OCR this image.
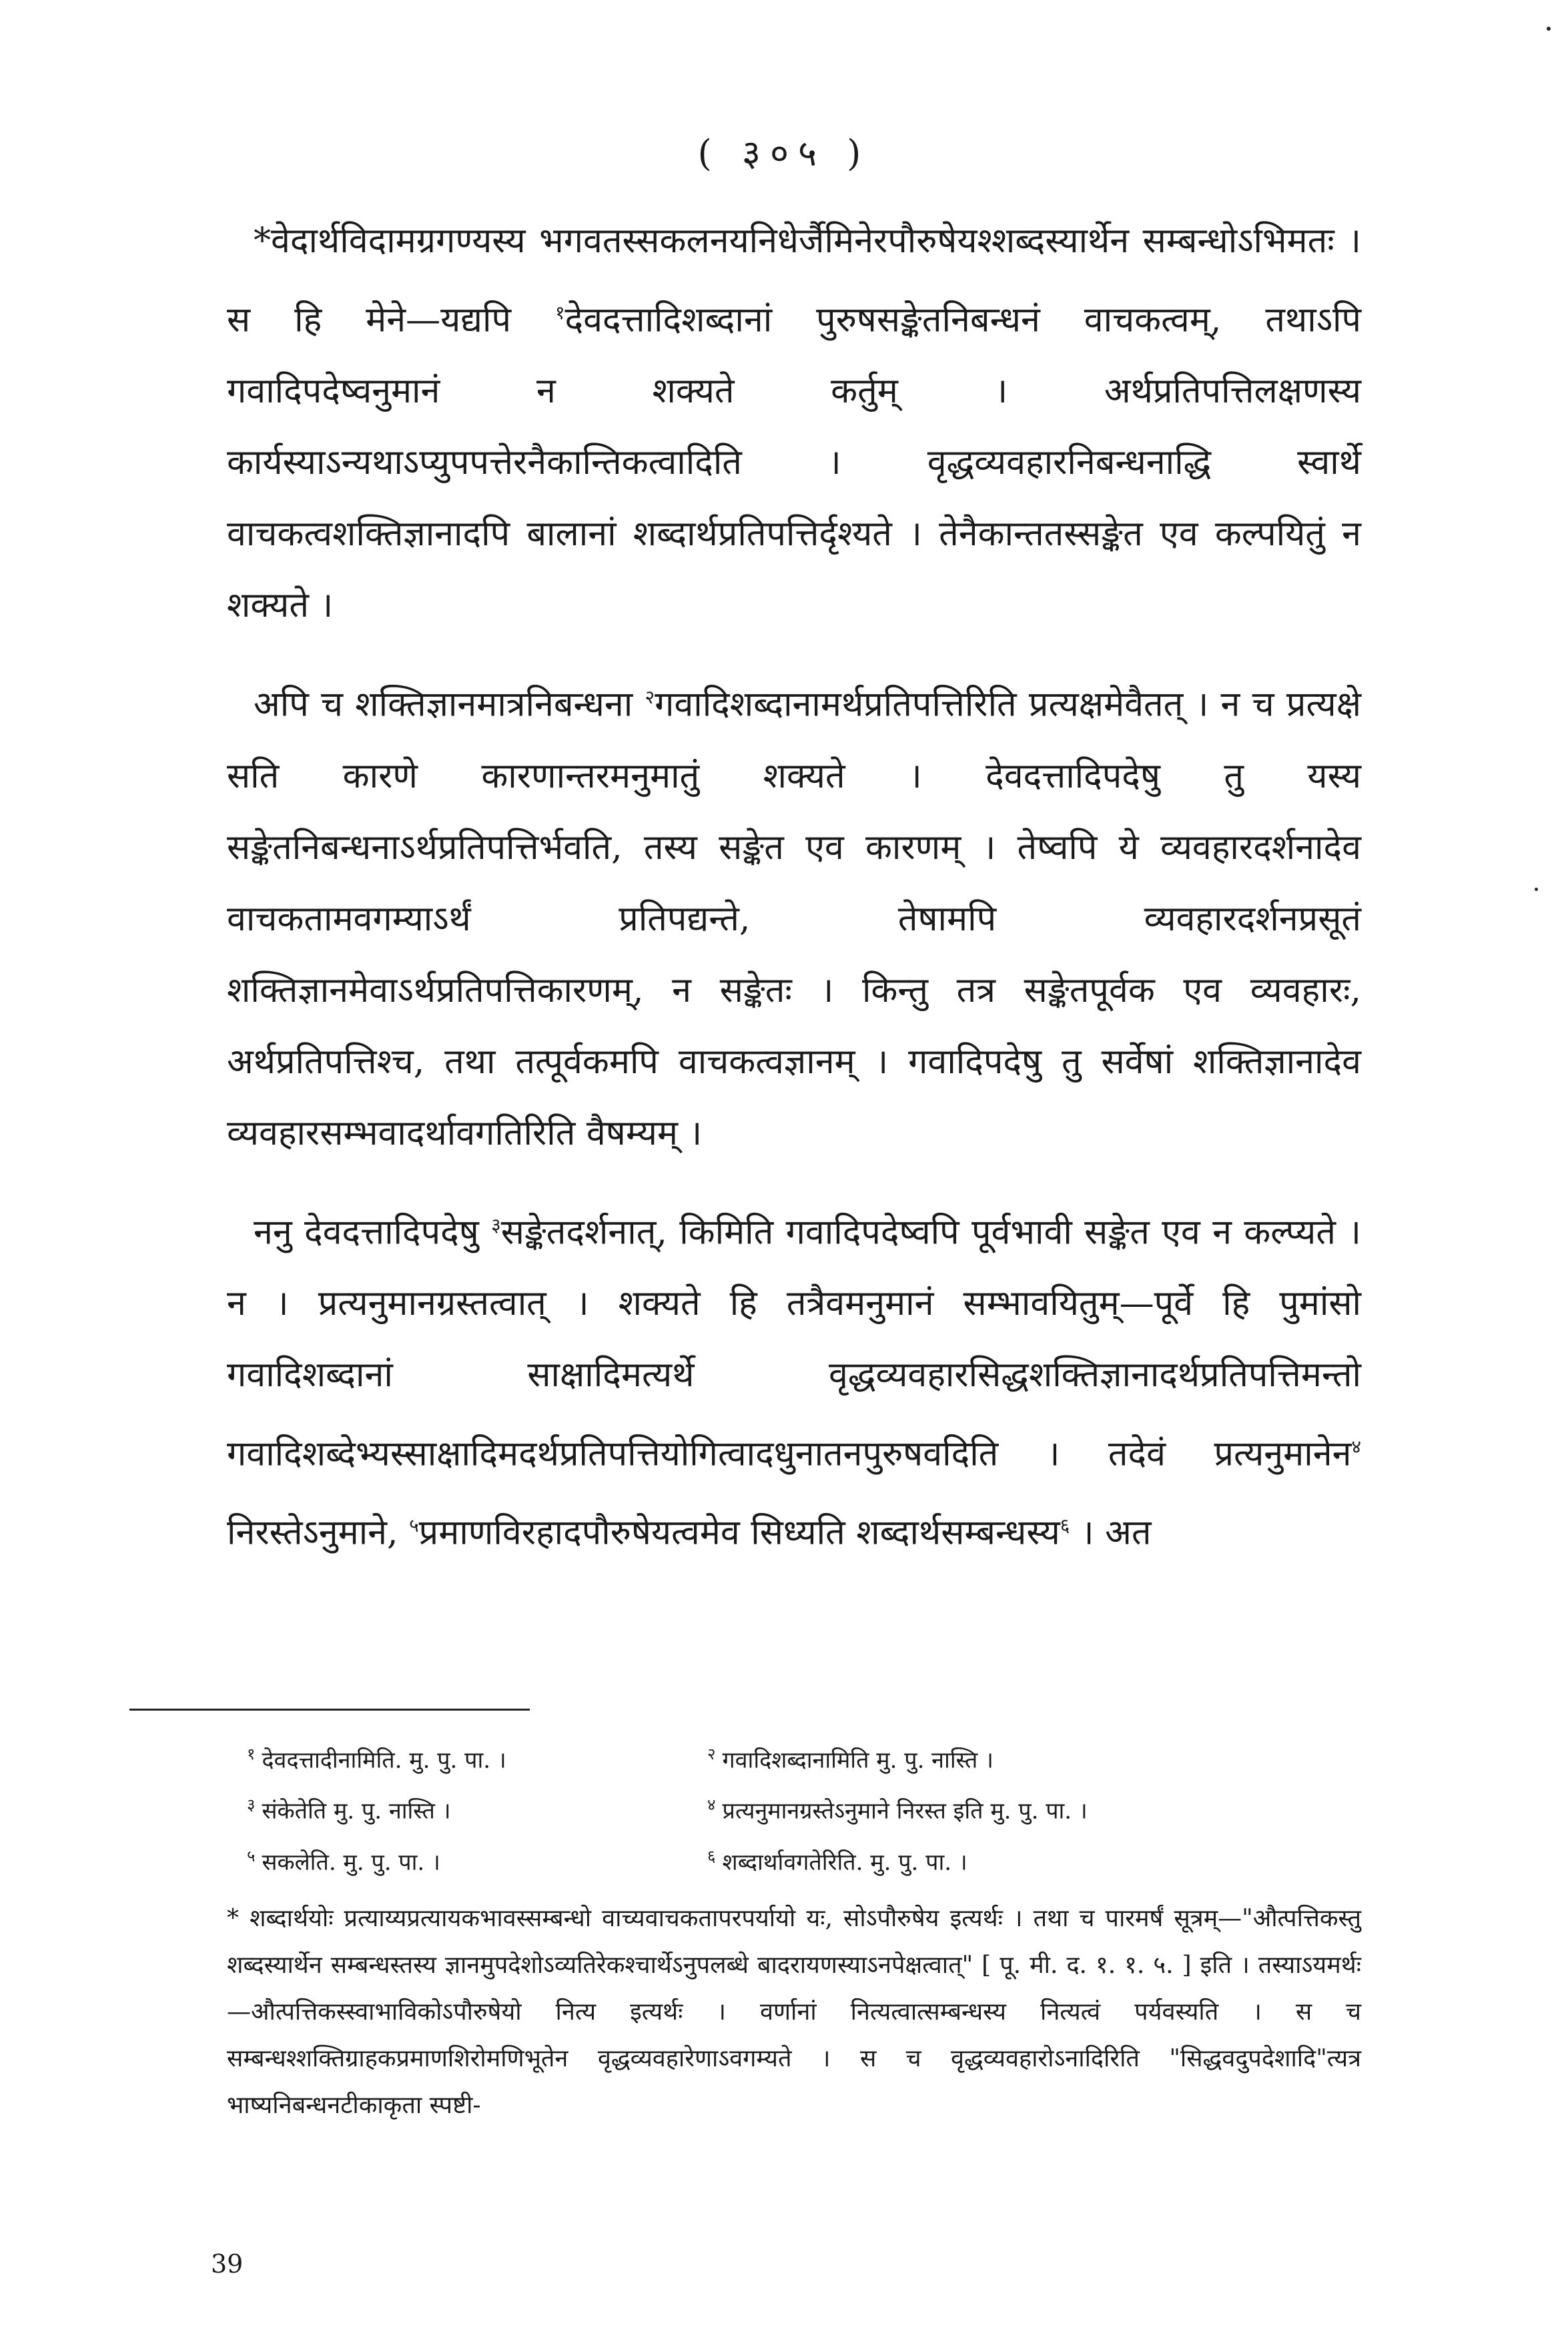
( ३०५ )

*वेदार्थविदामग्रगण्यस्य भगवतस्सकलनयनिधेर्जैमिनेरपौरुषेयश्शब्दस्यार्थेन सम्बन्धोऽभिमतः । स हि मेने—यद्यपि $^१$देवदत्तादिशब्दानां पुरुषसङ्केतनिबन्धनं वाचकत्वम्, तथाऽपि गवादिपदेष्वनुमानं न शक्यते कर्तुम् । अर्थप्रतिपत्तिलक्षणस्य कार्यस्याऽन्यथाऽप्युपपत्तेरनैकान्तिकत्वादिति । वृद्धव्यवहारनिबन्धनाद्धि स्वार्थे वाचकत्वशक्तिज्ञानादपि बालानां शब्दार्थप्रतिपत्तिर्दृश्यते । तेनैकान्ततस्सङ्केत एव कल्पयितुं न शक्यते ।

अपि च शक्तिज्ञानमात्रनिबन्धना $^२$गवादिशब्दानामर्थप्रतिपत्तिरिति प्रत्यक्षमेवैतत् । न च प्रत्यक्षे सति कारणे कारणान्तरमनुमातुं शक्यते । देवदत्तादिपदेषु तु यस्य सङ्केतनिबन्धनाऽर्थप्रतिपत्तिर्भवति, तस्य सङ्केत एव कारणम् । तेष्वपि ये व्यवहारदर्शनादेव वाचकतामवगम्याऽर्थं प्रतिपद्यन्ते, तेषामपि व्यवहारदर्शनप्रसूतं शक्तिज्ञानमेवाऽर्थप्रतिपत्तिकारणम्, न सङ्केतः । किन्तु तत्र सङ्केतपूर्वक एव व्यवहारः, अर्थप्रतिपत्तिश्च, तथा तत्पूर्वकमपि वाचकत्वज्ञानम् । गवादिपदेषु तु सर्वेषां शक्तिज्ञानादेव व्यवहारसम्भवादर्थावगतिरिति वैषम्यम् ।

ननु देवदत्तादिपदेषु $^३$सङ्केतदर्शनात्, किमिति गवादिपदेष्वपि पूर्वभावी सङ्केत एव न कल्प्यते । न । प्रत्यनुमानग्रस्तत्वात् । शक्यते हि तत्रैवमनुमानं सम्भावयितुम्—पूर्वे हि पुमांसो गवादिशब्दानां साक्षादिमत्यर्थे वृद्धव्यवहारसिद्धशक्तिज्ञानादर्थप्रतिपत्तिमन्तो गवादिशब्देभ्यस्साक्षादिमदर्थप्रतिपत्तियोगित्वादधुनातनपुरुषवदिति । तदेवं प्रत्यनुमानेन$^४$ निरस्तेऽनुमाने, $^५$प्रमाणविरहादपौरुषेयत्वमेव सिध्यति शब्दार्थसम्बन्धस्य$^६$ । अत

$^१$ देवदत्तादीनामिति. मु. पु. पा. ।	$^२$ गवादिशब्दानामिति मु. पु. नास्ति ।
$^३$ संकेतेति मु. पु. नास्ति ।	$^४$ प्रत्यनुमानग्रस्तेऽनुमाने निरस्त इति मु. पु. पा. ।
$^५$ सकलेति. मु. पु. पा. ।	$^६$ शब्दार्थावगतेरिति. मु. पु. पा. ।
* शब्दार्थयोः प्रत्याय्यप्रत्यायकभावस्सम्बन्धो वाच्यवाचकतापरपर्यायो यः, सोऽपौरुषेय इत्यर्थः । तथा च पारमर्षं सूत्रम्—"औत्पत्तिकस्तु शब्दस्यार्थेन सम्बन्धस्तस्य ज्ञानमुपदेशोऽव्यतिरेकश्चार्थेऽनुपलब्धे बादरायणस्याऽनपेक्षत्वात्" [ पू. मी. द. १. १. ५. ] इति । तस्याऽयमर्थः—औत्पत्तिकस्स्वाभाविकोऽपौरुषेयो नित्य इत्यर्थः । वर्णानां नित्यत्वात्सम्बन्धस्य नित्यत्वं पर्यवस्यति । स च सम्बन्धश्शक्तिग्राहकप्रमाणशिरोमणिभूतेन वृद्धव्यवहारेणाऽवगम्यते । स च वृद्धव्यवहारोऽनादिरिति "सिद्धवदुपदेशादि"त्यत्र भाष्यनिबन्धनटीकाकृता स्पष्टी-
39
